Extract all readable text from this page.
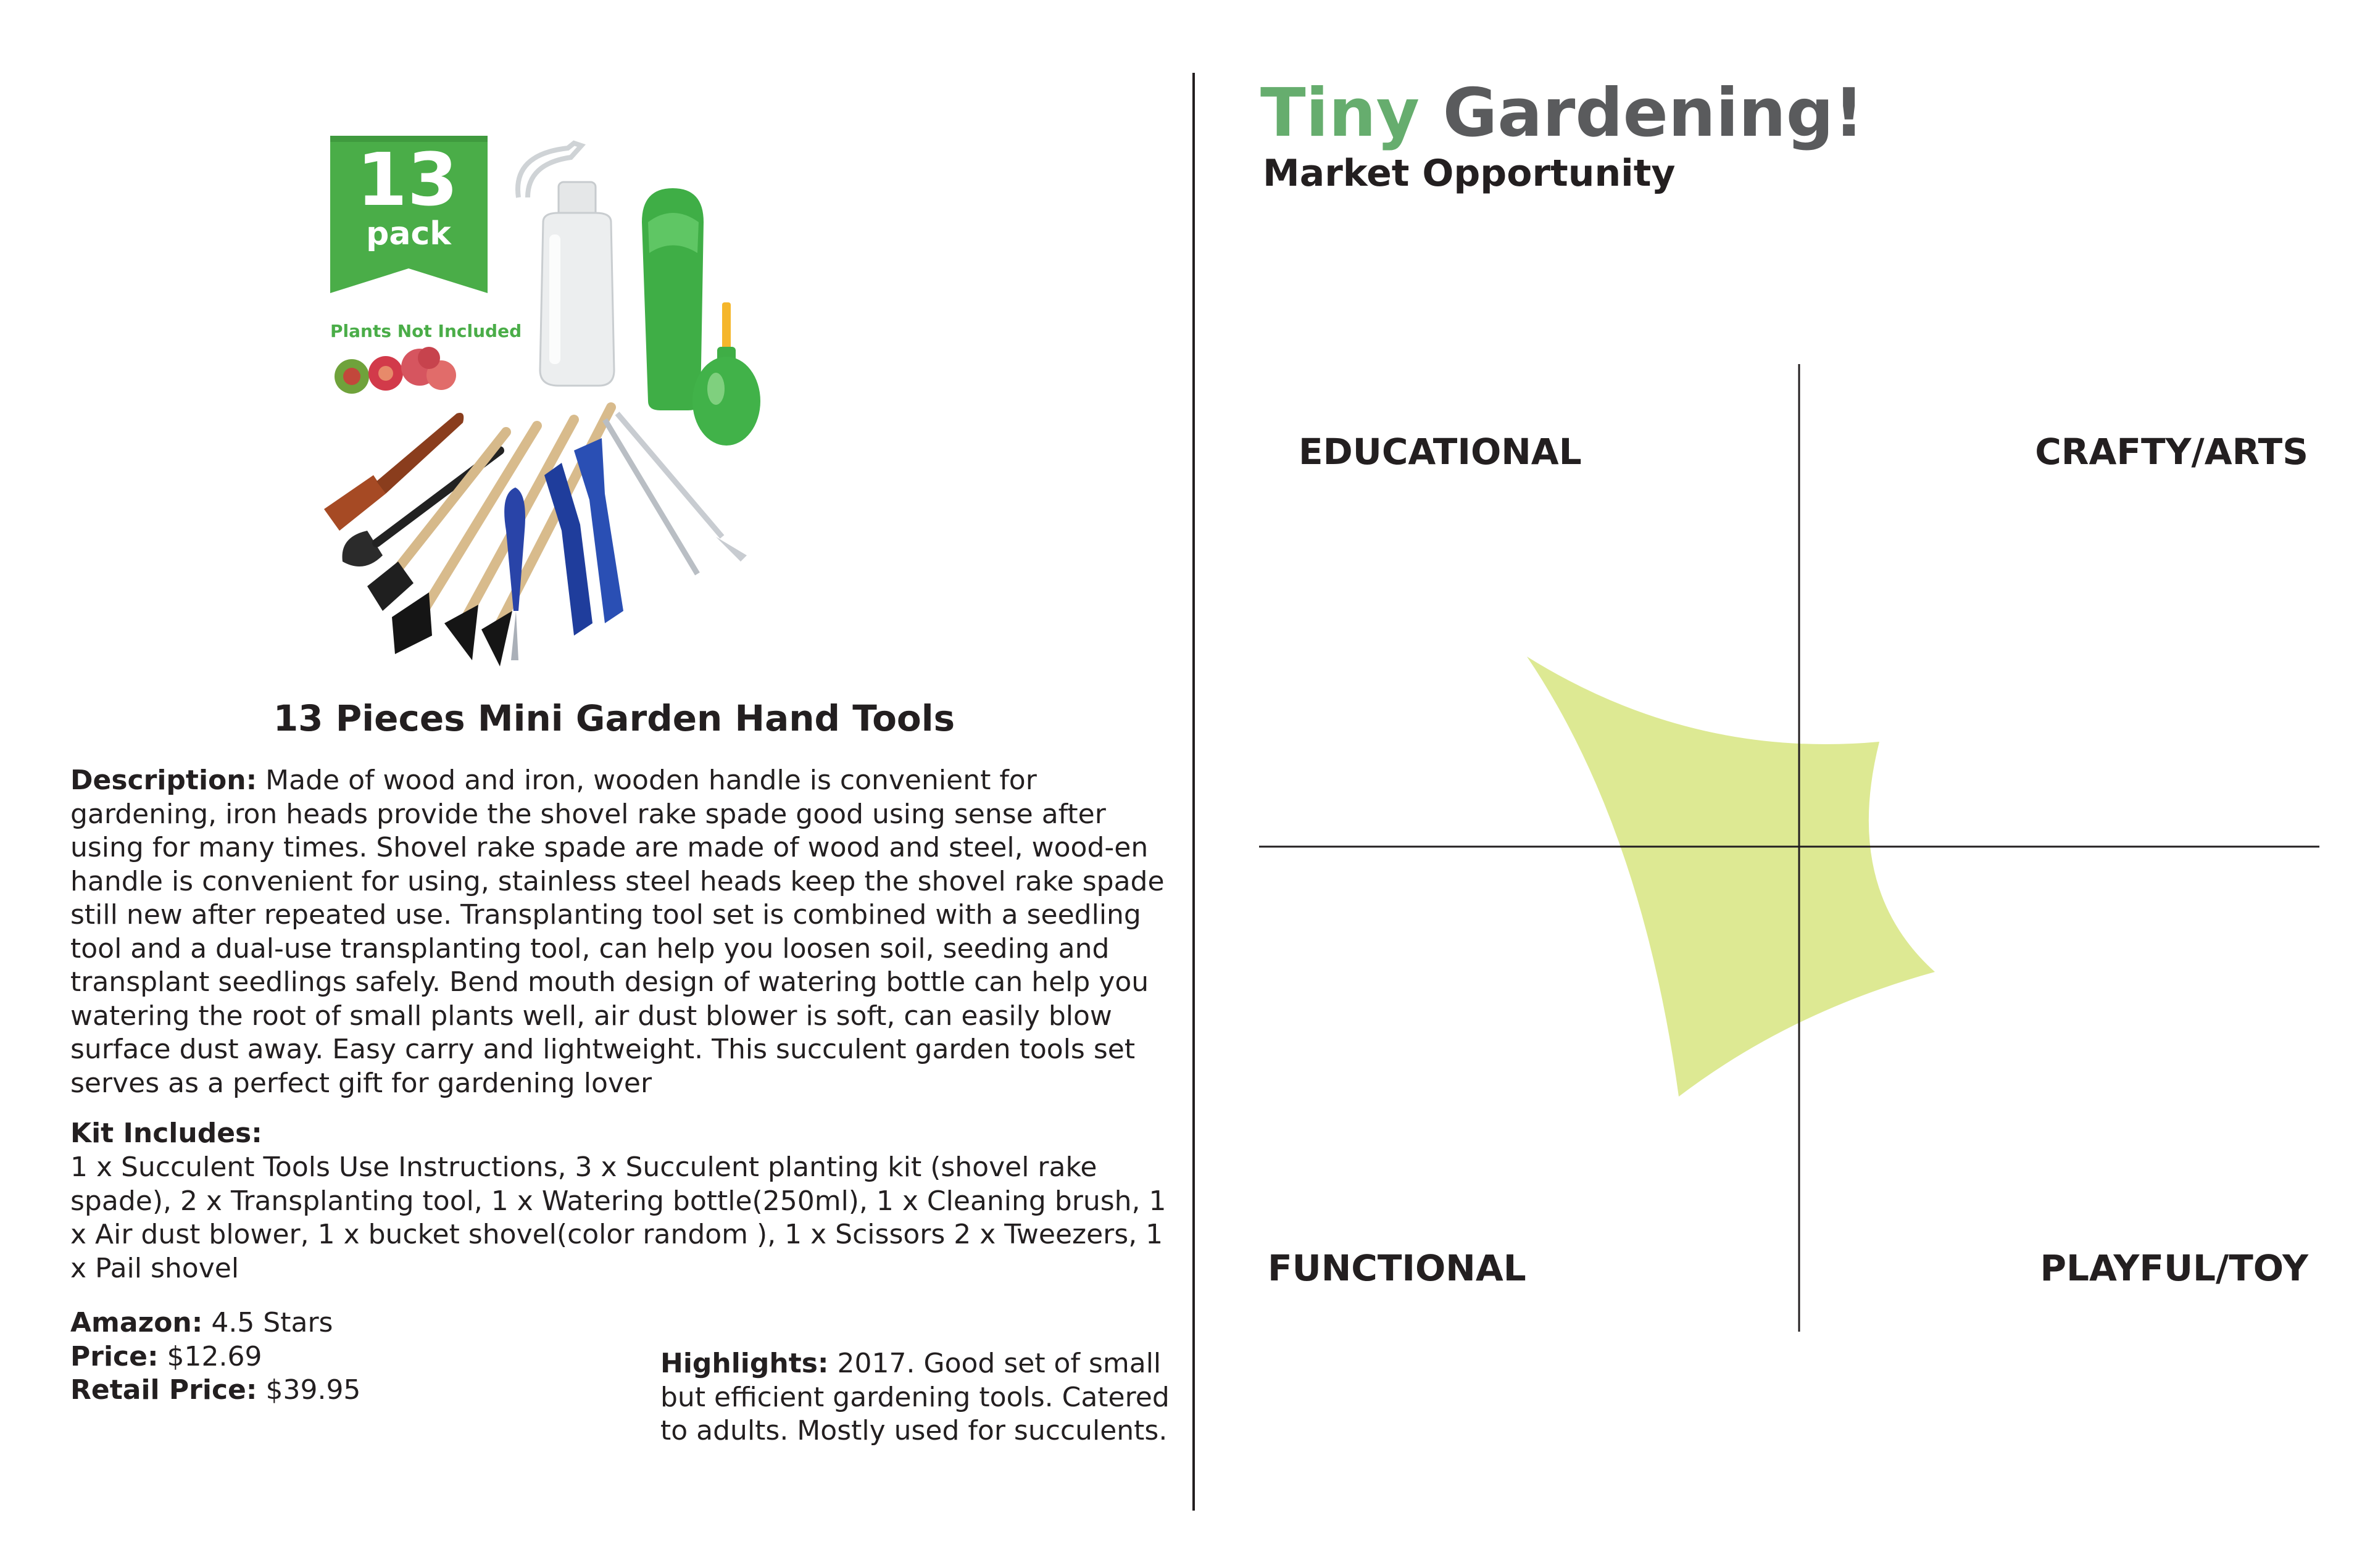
13
pack
Plants Not Included
13 Pieces Mini Garden Hand Tools

Description: Made of wood and iron, wooden handle is convenient for gardening, iron heads provide the shovel rake spade good using sense after using for many times. Shovel rake spade are made of wood and steel, wood-en handle is convenient for using, stainless steel heads keep the shovel rake spade still new after repeated use. Transplanting tool set is combined with a seedling tool and a dual-use transplanting tool, can help you loosen soil, seeding and transplant seedlings safely. Bend mouth design of watering bottle can help you watering the root of small plants well, air dust blower is soft, can easily blow surface dust away. Easy carry and lightweight. This succulent garden tools set serves as a perfect gift for gardening lover

Kit Includes:

1 x Succulent Tools Use Instructions, 3 x Succulent planting kit (shovel rake spade), 2 x Transplanting tool, 1 x Watering bottle(250ml), 1 x Cleaning brush, 1 x Air dust blower, 1 x bucket shovel(color random ), 1 x Scissors 2 x Tweezers, 1 x Pail shovel

Amazon: 4.5 Stars

Price: $12.69

Retail Price: $39.95

Highlights: 2017. Good set of small but efficient gardening tools. Catered to adults. Mostly used for succulents.

Tiny Gardening!
Market Opportunity
EDUCATIONAL	CRAFTY/ARTS
FUNCTIONAL	PLAYFUL/TOY
